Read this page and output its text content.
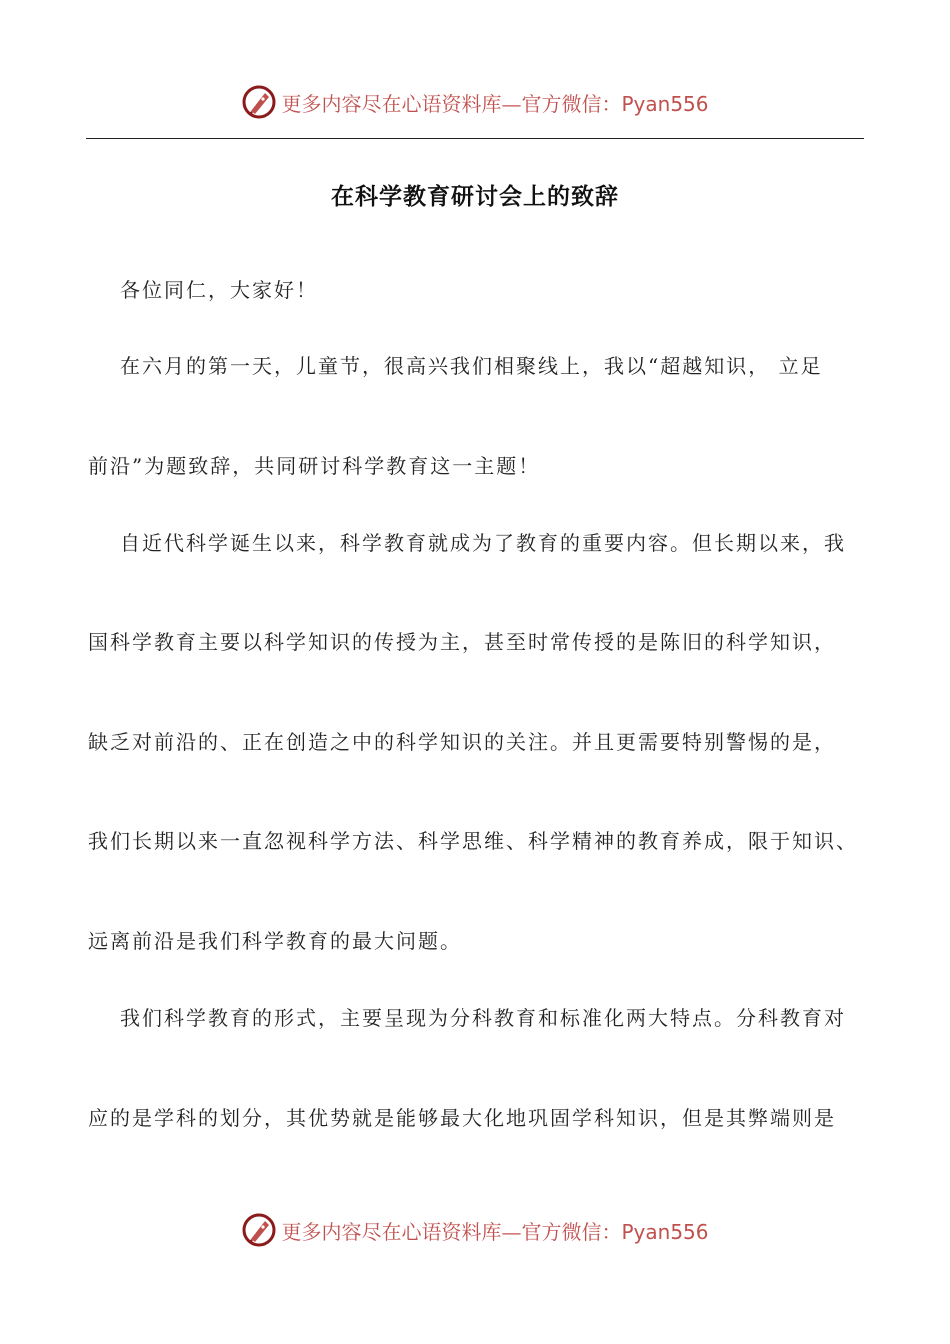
更多内容尽在心语资料库—官方微信：Pyan556
在科学教育研讨会上的致辞
各位同仁，大家好！
在六月的第一天，儿童节，很高兴我们相聚线上，我以“超越知识， 立足
前沿”为题致辞，共同研讨科学教育这一主题！
自近代科学诞生以来，科学教育就成为了教育的重要内容。但长期以来，我
国科学教育主要以科学知识的传授为主，甚至时常传授的是陈旧的科学知识，
缺乏对前沿的、正在创造之中的科学知识的关注。并且更需要特别警惕的是，
我们长期以来一直忽视科学方法、科学思维、科学精神的教育养成，限于知识、
远离前沿是我们科学教育的最大问题。
我们科学教育的形式，主要呈现为分科教育和标准化两大特点。分科教育对
应的是学科的划分，其优势就是能够最大化地巩固学科知识，但是其弊端则是
更多内容尽在心语资料库—官方微信：Pyan556
